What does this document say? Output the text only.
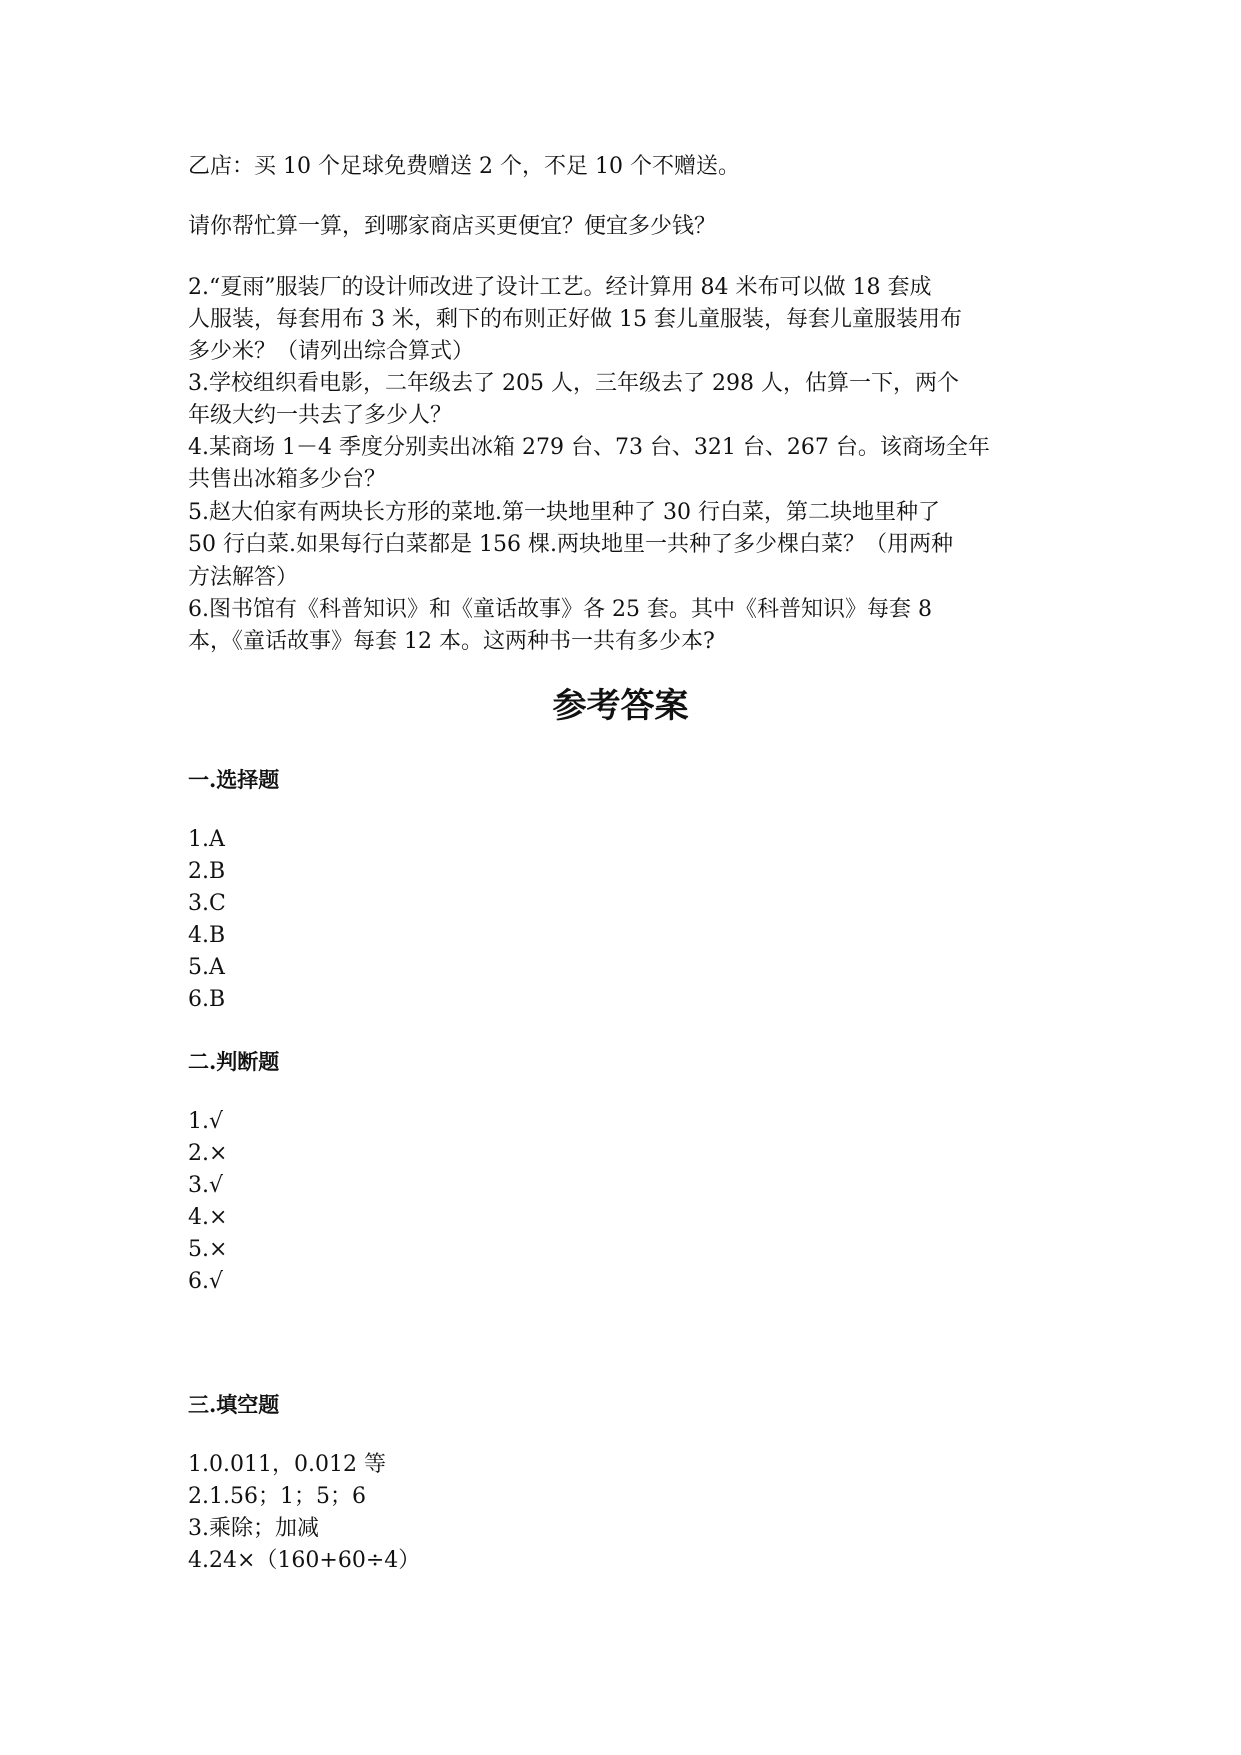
乙店：买 10 个足球免费赠送 2 个，不足 10 个不赠送。
请你帮忙算一算，到哪家商店买更便宜？便宜多少钱？
2.“夏雨”服装厂的设计师改进了设计工艺。经计算用 84 米布可以做 18 套成
人服装，每套用布 3 米，剩下的布则正好做 15 套儿童服装，每套儿童服装用布
多少米？（请列出综合算式）
3.学校组织看电影，二年级去了 205 人，三年级去了 298 人，估算一下，两个
年级大约一共去了多少人？
4.某商场 1－4 季度分别卖出冰箱 279 台、73 台、321 台、267 台。该商场全年
共售出冰箱多少台？
5.赵大伯家有两块长方形的菜地.第一块地里种了 30 行白菜，第二块地里种了
50 行白菜.如果每行白菜都是 156 棵.两块地里一共种了多少棵白菜？（用两种
方法解答）
6.图书馆有《科普知识》和《童话故事》各 25 套。其中《科普知识》每套 8
本，《童话故事》每套 12 本。这两种书一共有多少本?
参考答案
一.选择题
1.A
2.B
3.C
4.B
5.A
6.B
二.判断题
1.√
2.×
3.√
4.×
5.×
6.√
三.填空题
1.0.011，0.012 等
2.1.56；1；5；6
3.乘除；加减
4.24×（160+60÷4）
